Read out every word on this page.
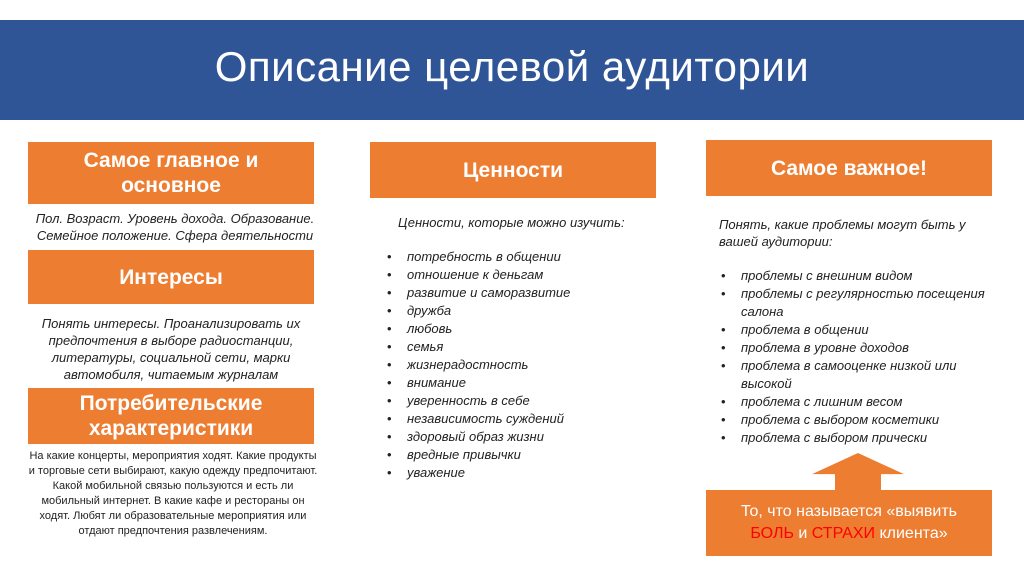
Описание целевой аудитории
Самое главное и основное
Пол. Возраст. Уровень дохода. Образование. Семейное положение. Сфера деятельности
Интересы
Понять интересы. Проанализировать их предпочтения в выборе радиостанции, литературы, социальной сети, марки автомобиля, читаемым журналам
Потребительские характеристики
На какие концерты, мероприятия ходят. Какие продукты и торговые сети выбирают, какую одежду предпочитают. Какой мобильной связью пользуются и есть ли мобильный интернет. В какие кафе и рестораны он ходят. Любят ли образовательные мероприятия или отдают предпочтения развлечениям.
Ценности
Ценности, которые можно изучить:
• потребность в общении
• отношение к деньгам
• развитие и саморазвитие
• дружба
• любовь
• семья
• жизнерадостность
• внимание
• уверенность в себе
• независимость суждений
• здоровый образ жизни
• вредные привычки
• уважение
Самое важное!
Понять, какие проблемы могут быть у вашей аудитории:
• проблемы с внешним видом
• проблемы с регулярностью посещения салона
• проблема в общении
• проблема в уровне доходов
• проблема в самооценке низкой или высокой
• проблема с лишним весом
• проблема с выбором косметики
• проблема с выбором прически
То, что называется «выявить
БОЛЬ и СТРАХИ клиента»
